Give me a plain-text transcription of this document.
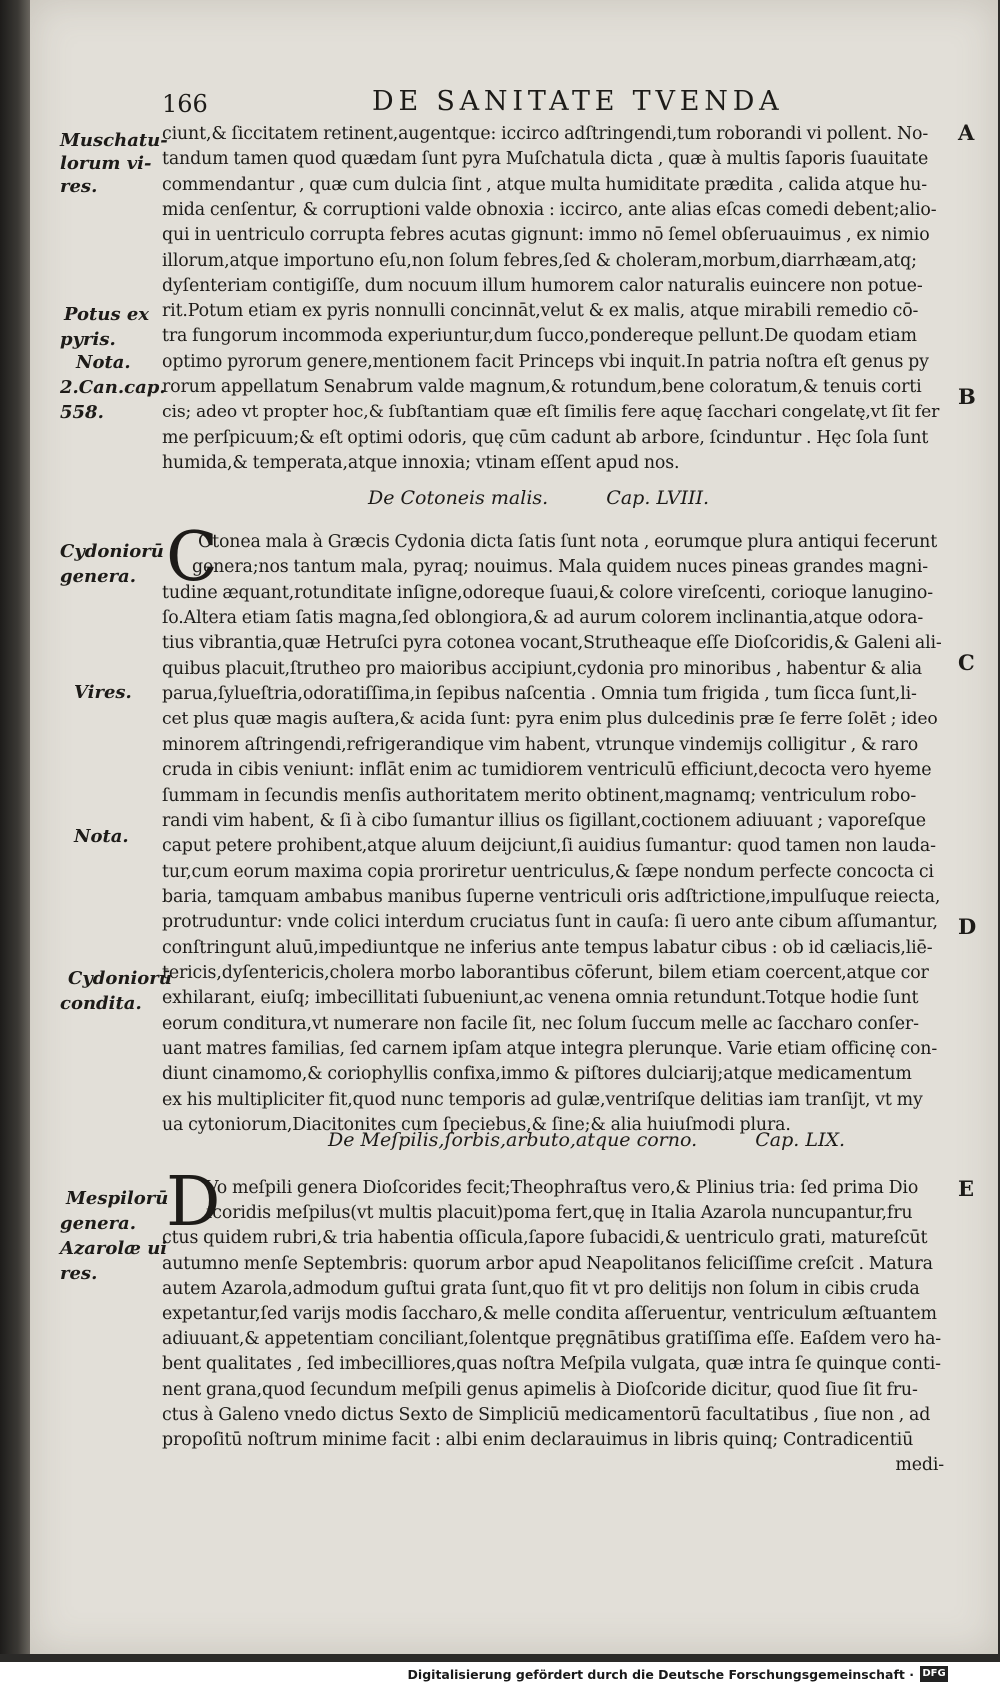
166	DE SANITATE TVENDA
Muschatu-
lorum vi-
res.
Potus ex
pyris.
Nota.
2.Can.cap.
558.
Cydoniorū
genera.
Vires.
Nota.
Cydoniorū
condita.
Mespilorū
genera.
Azarolæ ui
res.
A
B
C
D
E
ciunt,& ſiccitatem retinent,augentque: iccirco adſtringendi,tum roborandi vi pollent. No-
tandum tamen quod quædam ſunt pyra Muſchatula dicta , quæ à multis ſaporis ſuauitate
commendantur , quæ cum dulcia ſint , atque multa humiditate prædita , calida atque hu-
mida cenſentur, & corruptioni valde obnoxia : iccirco, ante alias eſcas comedi debent;alio-
qui in uentriculo corrupta febres acutas gignunt: immo nō ſemel obſeruauimus , ex nimio
illorum,atque importuno eſu,non ſolum febres,ſed & choleram,morbum,diarrhæam,atq;
dyſenteriam contigiſſe, dum nocuum illum humorem calor naturalis euincere non potue-
rit.Potum etiam ex pyris nonnulli concinnāt,velut & ex malis, atque mirabili remedio cō-
tra fungorum incommoda experiuntur,dum ſucco,pondereque pellunt.De quodam etiam
optimo pyrorum genere,mentionem facit Princeps vbi inquit.In patria noſtra eſt genus py
rorum appellatum Senabrum valde magnum,& rotundum,bene coloratum,& tenuis corti
cis; adeo vt propter hoc,& ſubſtantiam quæ eſt ſimilis fere aquę ſacchari congelatę,vt ſit fer
me perſpicuum;& eſt optimi odoris, quę cūm cadunt ab arbore, ſcinduntur . Hęc ſola ſunt
humida,& temperata,atque innoxia; vtinam eſſent apud nos.
De Cotoneis malis.	Cap. LVIII.
C
Otonea mala à Græcis Cydonia dicta ſatis ſunt nota , eorumque plura antiqui fecerunt
genera;nos tantum mala, pyraq; nouimus. Mala quidem nuces pineas grandes magni-
tudine æquant,rotunditate inſigne,odoreque ſuaui,& colore vireſcenti, corioque lanugino-
ſo.Altera etiam ſatis magna,ſed oblongiora,& ad aurum colorem inclinantia,atque odora-
tius vibrantia,quæ Hetruſci pyra cotonea vocant,Strutheaque eſſe Dioſcoridis,& Galeni ali-
quibus placuit,ſtrutheo pro maioribus accipiunt,cydonia pro minoribus , habentur & alia
parua,ſylueſtria,odoratiſſima,in ſepibus naſcentia . Omnia tum frigida , tum ſicca ſunt,li-
cet plus quæ magis auſtera,& acida ſunt: pyra enim plus dulcedinis præ ſe ferre ſolēt ; ideo
minorem aſtringendi,refrigerandique vim habent, vtrunque vindemijs colligitur , & raro
cruda in cibis veniunt: inflāt enim ac tumidiorem ventriculū efficiunt,decocta vero hyeme
ſummam in ſecundis menſis authoritatem merito obtinent,magnamq; ventriculum robo-
randi vim habent, & ſi à cibo ſumantur illius os ſigillant,coctionem adiuuant ; vaporeſque
caput petere prohibent,atque aluum deijciunt,ſi auidius ſumantur: quod tamen non lauda-
tur,cum eorum maxima copia proriretur uentriculus,& ſæpe nondum perfecte concocta ci
baria, tamquam ambabus manibus ſuperne ventriculi oris adſtrictione,impulſuque reiecta,
protruduntur: vnde colici interdum cruciatus ſunt in cauſa: ſi uero ante cibum aſſumantur,
conſtringunt aluū,impediuntque ne inferius ante tempus labatur cibus : ob id cæliacis,liē-
tericis,dyſentericis,cholera morbo laborantibus cōferunt, bilem etiam coercent,atque cor
exhilarant, eiuſq; imbecillitati ſubueniunt,ac venena omnia retundunt.Totque hodie ſunt
eorum conditura,vt numerare non facile ſit, nec ſolum ſuccum melle ac ſaccharo conſer-
uant matres familias, ſed carnem ipſam atque integra plerunque. Varie etiam officinę con-
diunt cinamomo,& coriophyllis confixa,immo & piſtores dulciarij;atque medicamentum
ex his multipliciter fit,quod nunc temporis ad gulæ,ventriſque delitias iam tranſijt, vt my
ua cytoniorum,Diacitonites cum ſpeciebus,& ſine;& alia huiuſmodi plura.
De Meſpilis,ſorbis,arbuto,atque corno.	Cap. LIX.
D
Vo meſpili genera Dioſcorides fecit;Theophraſtus vero,& Plinius tria: ſed prima Dio
ſcoridis meſpilus(vt multis placuit)poma fert,quę in Italia Azarola nuncupantur,fru
ctus quidem rubri,& tria habentia oſſicula,ſapore ſubacidi,& uentriculo grati, matureſcūt
autumno menſe Septembris: quorum arbor apud Neapolitanos feliciſſime creſcit . Matura
autem Azarola,admodum guſtui grata ſunt,quo fit vt pro delitijs non ſolum in cibis cruda
expetantur,ſed varijs modis ſaccharo,& melle condita aſſeruentur, ventriculum æſtuantem
adiuuant,& appetentiam conciliant,ſolentque pręgnātibus gratiſſima eſſe. Eaſdem vero ha-
bent qualitates , ſed imbecilliores,quas noſtra Meſpila vulgata, quæ intra ſe quinque conti-
nent grana,quod ſecundum meſpili genus apimelis à Dioſcoride dicitur, quod ſiue ſit fru-
ctus à Galeno vnedo dictus Sexto de Simpliciū medicamentorū facultatibus , ſiue non , ad
propoſitū noſtrum minime facit : albi enim declarauimus in libris quinq; Contradicentiū
medi-
Digitalisierung gefördert durch die Deutsche Forschungsgemeinschaft · DFG
